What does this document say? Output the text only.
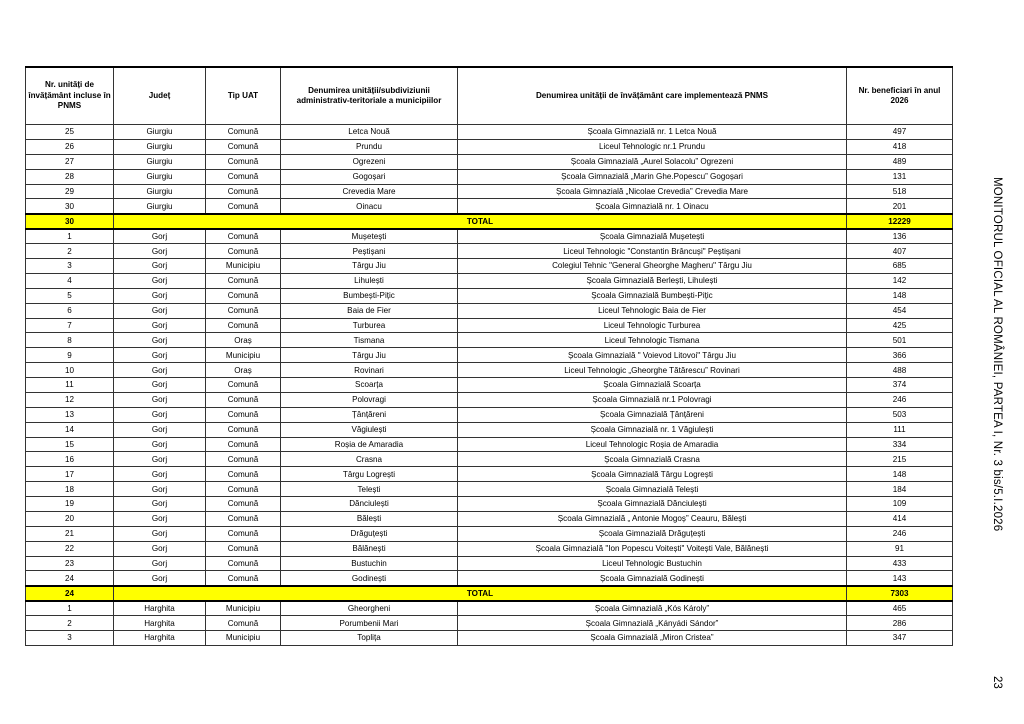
Nr. unități de învățământ incluse în PNMS	Județ	Tip UAT	Denumirea unității/subdiviziunii administrativ-teritoriale a municipiilor	Denumirea unității de învățământ care implementează PNMS	Nr. beneficiari în anul 2026
25	Giurgiu	Comună	Letca Nouă	Școala Gimnazială nr. 1 Letca Nouă	497
26	Giurgiu	Comună	Prundu	Liceul Tehnologic nr.1 Prundu	418
27	Giurgiu	Comună	Ogrezeni	Școala Gimnazială „Aurel Solacolu” Ogrezeni	489
28	Giurgiu	Comună	Gogoșari	Școala Gimnazială „Marin Ghe.Popescu” Gogoșari	131
29	Giurgiu	Comună	Crevedia Mare	Școala Gimnazială „Nicolae Crevedia” Crevedia Mare	518
30	Giurgiu	Comună	Oinacu	Școala Gimnazială nr. 1 Oinacu	201
30	TOTAL				12229
1	Gorj	Comună	Mușetești	Școala Gimnazială Mușetești	136
2	Gorj	Comună	Peștișani	Liceul Tehnologic "Constantin Brâncuși" Peștișani	407
3	Gorj	Municipiu	Târgu Jiu	Colegiul Tehnic "General Gheorghe Magheru" Târgu Jiu	685
4	Gorj	Comună	Lihulești	Școala Gimnazială Berlești, Lihulești	142
5	Gorj	Comună	Bumbești-Pițic	Școala Gimnazială Bumbești-Pițic	148
6	Gorj	Comună	Baia de Fier	Liceul Tehnologic Baia de Fier	454
7	Gorj	Comună	Turburea	Liceul Tehnologic Turburea	425
8	Gorj	Oraș	Tismana	Liceul Tehnologic Tismana	501
9	Gorj	Municipiu	Târgu Jiu	Școala Gimnazială " Voievod Litovoi" Târgu Jiu	366
10	Gorj	Oraș	Rovinari	Liceul Tehnologic „Gheorghe Tătărescu” Rovinari	488
11	Gorj	Comună	Scoarța	Școala Gimnazială Scoarța	374
12	Gorj	Comună	Polovragi	Școala Gimnazială nr.1 Polovragi	246
13	Gorj	Comună	Țânțăreni	Școala Gimnazială Țânțăreni	503
14	Gorj	Comună	Văgiulești	Școala Gimnazială nr. 1 Văgiulești	111
15	Gorj	Comună	Roșia de Amaradia	Liceul Tehnologic Roșia de Amaradia	334
16	Gorj	Comună	Crasna	Școala Gimnazială Crasna	215
17	Gorj	Comună	Târgu Logrești	Școala Gimnazială Târgu Logrești	148
18	Gorj	Comună	Telești	Școala Gimnazială Telești	184
19	Gorj	Comună	Dănciulești	Școala Gimnazială Dănciulești	109
20	Gorj	Comună	Bălești	Școala Gimnazială „ Antonie Mogoș” Ceauru, Bălești	414
21	Gorj	Comună	Drăguțești	Școala Gimnazială Drăguțești	246
22	Gorj	Comună	Bălănești	Școala Gimnazială "Ion Popescu Voitești" Voitești Vale, Bălănești	91
23	Gorj	Comună	Bustuchin	Liceul Tehnologic Bustuchin	433
24	Gorj	Comună	Godinești	Școala Gimnazială Godinești	143
24	TOTAL				7303
1	Harghita	Municipiu	Gheorgheni	Școala Gimnazială „Kós Károly”	465
2	Harghita	Comună	Porumbenii Mari	Școala Gimnazială „Kányádi Sándor”	286
3	Harghita	Municipiu	Toplița	Școala Gimnazială „Miron Cristea”	347
MONITORUL OFICIAL AL ROMÂNIEI, PARTEA I, Nr. 3 bis/5.I.2026
23
